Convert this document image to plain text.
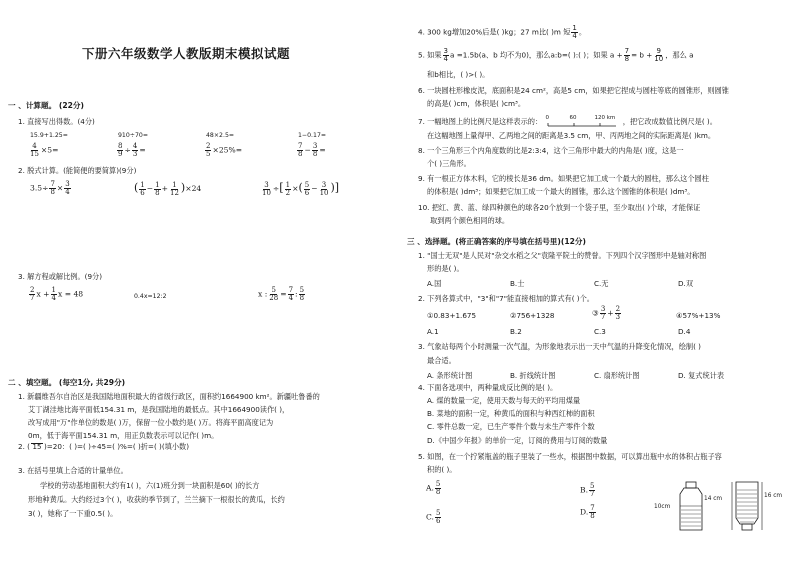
下册六年级数学人教版期末模拟试题
一 、计算题。 (22分)
1. 直接写出得数。(4分)
15.9+1.25=	910÷70=	48×2.5=	1−0.17=
$\frac{4}{15} \times 5=$	$\frac{8}{9} \div \frac{4}{3}$ =	$\frac{2}{5} \times 25\%=$	$\frac{7}{8} - \frac{3}{8}$ =
2. 脱式计算。(能简便的要简算)(9分)
$3.5\div \frac{7}{8} \times \frac{3}{4}$	( $\frac{1}{6} - \frac{1}{8} + \frac{1}{12} )\times 24$	$\frac{3}{10}$ ÷[ $\frac{1}{2}$ ×( $\frac{5}{6} - \frac{3}{10}$ )]
3. 解方程或解比例。(9分)
$\frac{2}{7}$ $x + \frac{1}{4}$ x = 48	0.4x=12:2	x : $\frac{5}{28} = \frac{7}{4}$ : $\frac{5}{8}$
二 、填空题。 (每空1分, 共29分)
1. 新疆维吾尔自治区是我国陆地面积最大的省级行政区，面积约1664900 km²。新疆吐鲁番的
艾丁湖洼地比海平面低154.31 m，是我国陆地的最低点。其中1664900读作( )，
改写成用"万"作单位的数是( )万，保留一位小数约是( )万。将海平面高度记为
0m，低于海平面154.31 m，用正负数表示可以记作( )m。
2. ( 15 )=20：( )=( )÷45=( )%=( )折=( )(填小数)
3. 在括号里填上合适的计量单位。
学校的劳动基地面积大约有1( )，六(1)班分到一块面积是60( )的长方
形地种黄瓜。大约经过3个( )，收获的季节到了，兰兰摘下一根很长的黄瓜，长约
3( )，她称了一下重0.5( )。
4. 300 kg增加20%后是( )kg；27 m比( )m 短 $\frac{1}{4}$ 。
5. 如果 $\frac{3}{4}$ a =1.5b(a、b 均不为0)，那么a:b=( ):( )；如果 $a + \frac{7}{8} = b + \frac{9}{10}$ ，那么 a
和b相比，( )>( )。
6. 一块圆柱形橡皮泥，底面积是24 cm²，高是5 cm，如果把它捏成与圆柱等底的圆锥形，则圆锥
的高是( )cm，体积是( )cm³。
7. 一幅地图上的比例尺是这样表示的： 0	60	120 km ，把它改成数值比例尺是( )。
在这幅地图上量得甲、乙两地之间的距离是3.5 cm，甲、丙两地之间的实际距离是( )km。
8. 一个三角形三个内角度数的比是2:3:4，这个三角形中最大的内角是( )度，这是一
个( )三角形。
9. 有一根正方体木料，它的棱长是36 dm。如果把它加工成一个最大的圆柱，那么这个圆柱
的体积是( )dm³；如果把它加工成一个最大的圆锥，那么这个圆锥的体积是( )dm³。
10. 把红、黄、蓝、绿四种颜色的球各20个放到一个袋子里，至少取出( )个球，才能保证
取到两个颜色相同的球。
三 、选择题。(将正确答案的序号填在括号里)(12分)
1. "国士无双"是人民对"杂交水稻之父"袁隆平院士的赞誉。下列四个汉字图形中是轴对称图
形的是( )。
A.国	B.士	C.无	D.双
2. 下列各算式中，"3"和"7"能直接相加的算式有( )个。
①0.83+1.675	②756+1328	③ $\frac{3}{7} + \frac{2}{3}$	④57%+13%
A.1	B.2	C.3	D.4
3. 气象站每两个小时测量一次气温，为形象地表示出一天中气温的升降变化情况，绘制( )
最合适。
A. 条形统计图	B. 折线统计图	C. 扇形统计图	D. 复式统计表
4. 下面各选项中，两种量成反比例的是( )。
A. 煤的数量一定，使用天数与每天的平均用煤量
B. 菜地的面积一定，种黄瓜的面积与种西红柿的面积
C. 零件总数一定，已生产零件个数与未生产零件个数
D.《中国少年报》的单价一定，订阅的费用与订阅的数量
5. 如图，在一个拧紧瓶盖的瓶子里装了一些水，根据图中数据，可以算出瓶中水的体积占瓶子容
积的( )。
A. $\frac{5}{8}$	B. $\frac{5}{7}$
C. $\frac{5}{6}$	D. $\frac{7}{8}$	10cm
14 cm	16 cm
